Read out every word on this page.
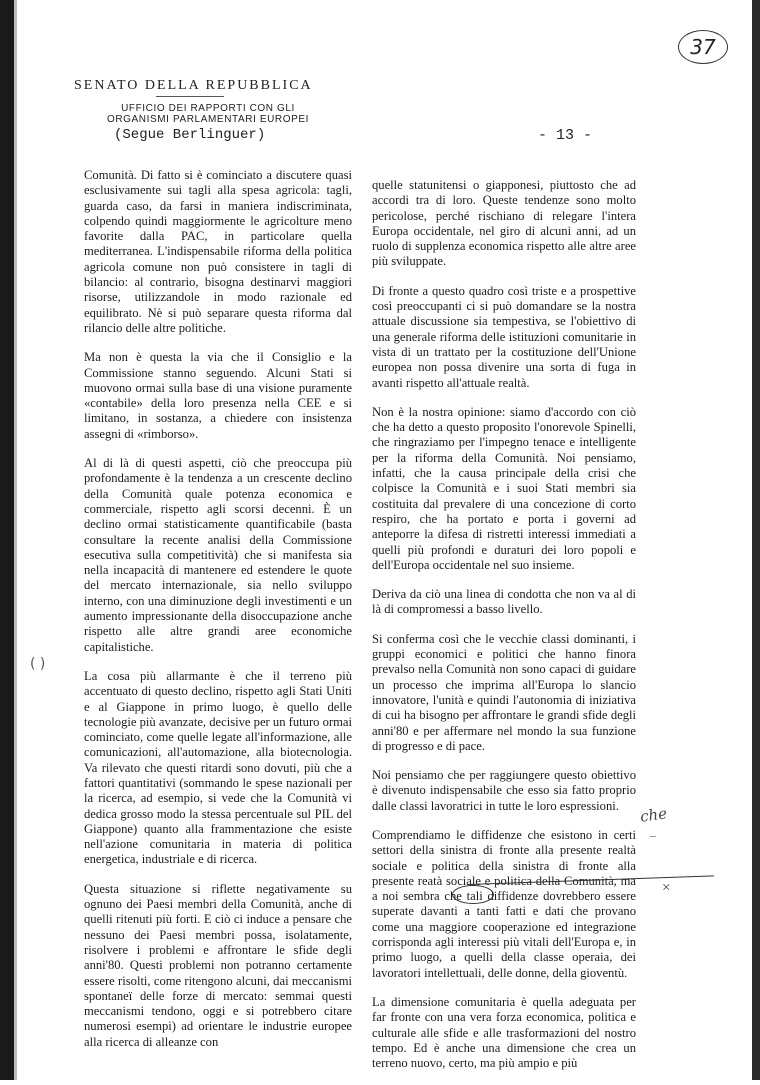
37
SENATO DELLA REPUBBLICA
UFFICIO DEI RAPPORTI CON GLI
ORGANISMI PARLAMENTARI EUROPEI
(Segue Berlinguer)	- 13 -

Comunità. Di fatto si è cominciato a discutere quasi esclusivamente sui tagli alla spesa agricola: tagli, guarda caso, da farsi in maniera indiscriminata, colpendo quindi maggiormente le agricolture meno favorite dalla PAC, in particolare quella mediterranea. L'indispensabile riforma della politica agricola comune non può consistere in tagli di bilancio: al contrario, bisogna destinarvi maggiori risorse, utilizzandole in modo razionale ed equilibrato. Nè si può separare questa riforma dal rilancio delle altre politiche.

Ma non è questa la via che il Consiglio e la Commissione stanno seguendo. Alcuni Stati si muovono ormai sulla base di una visione puramente «contabile» della loro presenza nella CEE e si limitano, in sostanza, a chiedere con insistenza assegni di «rimborso».

Al di là di questi aspetti, ciò che preoccupa più profondamente è la tendenza a un crescente declino della Comunità quale potenza economica e commerciale, rispetto agli scorsi decenni. È un declino ormai statisticamente quantificabile (basta consultare la recente analisi della Commissione esecutiva sulla competitività) che si manifesta sia nella incapacità di mantenere ed estendere le quote del mercato internazionale, sia nello sviluppo interno, con una diminuzione degli investimenti e un aumento impressionante della disoccupazione anche rispetto alle altre grandi aree economiche capitalistiche.

La cosa più allarmante è che il terreno più accentuato di questo declino, rispetto agli Stati Uniti e al Giappone in primo luogo, è quello delle tecnologie più avanzate, decisive per un futuro ormai cominciato, come quelle legate all'informazione, alle comunicazioni, all'automazione, alla biotecnologia. Va rilevato che questi ritardi sono dovuti, più che a fattori quantitativi (sommando le spese nazionali per la ricerca, ad esempio, si vede che la Comunità vi dedica grosso modo la stessa percentuale sul PIL del Giappone) quanto alla frammentazione che esiste nell'azione comunitaria in materia di politica energetica, industriale e di ricerca.

Questa situazione si riflette negativamente su ognuno dei Paesi membri della Comunità, anche di quelli ritenuti più forti. E ciò ci induce a pensare che nessuno dei Paesi membri possa, isolatamente, risolvere i problemi e affrontare le sfide degli anni'80. Questi problemi non potranno certamente essere risolti, come ritengono alcuni, dai meccanismi spontaneï delle forze di mercato: semmai questi meccanismi tendono, oggi e si potrebbero citare numerosi esempi) ad orientare le industrie europee alla ricerca di alleanze con

quelle statunitensi o giapponesi, piuttosto che ad accordi tra di loro. Queste tendenze sono molto pericolose, perché rischiano di relegare l'intera Europa occidentale, nel giro di alcuni anni, ad un ruolo di supplenza economica rispetto alle altre aree più sviluppate.

Di fronte a questo quadro così triste e a prospettive così preoccupanti ci si può domandare se la nostra attuale discussione sia tempestiva, se l'obiettivo di una generale riforma delle istituzioni comunitarie in vista di un trattato per la costituzione dell'Unione europea non possa divenire una sorta di fuga in avanti rispetto all'attuale realtà.

Non è la nostra opinione: siamo d'accordo con ciò che ha detto a questo proposito l'onorevole Spinelli, che ringraziamo per l'impegno tenace e intelligente per la riforma della Comunità. Noi pensiamo, infatti, che la causa principale della crisi che colpisce la Comunità e i suoi Stati membri sia costituita dal prevalere di una concezione di corto respiro, che ha portato e porta i governi ad anteporre la difesa di ristretti interessi immediati a quelli più profondi e duraturi dei loro popoli e dell'Europa occidentale nel suo insieme.

Deriva da ciò una linea di condotta che non va al di là di compromessi a basso livello.

Si conferma così che le vecchie classi dominanti, i gruppi economici e politici che hanno finora prevalso nella Comunità non sono capaci di guidare un processo che imprima all'Europa lo slancio innovatore, l'unità e quindi l'autonomia di iniziativa di cui ha bisogno per affrontare le grandi sfide degli anni'80 e per affermare nel mondo la sua funzione di progresso e di pace.

Noi pensiamo che per raggiungere questo obiettivo è divenuto indispensabile che esso sia fatto proprio dalle classi lavoratrici in tutte le loro espressioni.

Comprendiamo le diffidenze che esistono in certi settori della sinistra di fronte alla presente realtà sociale e politica della sinistra di fronte alla presente reatà sociale e politica della Comunità, ma a noi sembra che tali diffidenze dovrebbero essere superate davanti a tanti fatti e dati che provano come una maggiore cooperazione ed integrazione corrisponda agli interessi più vitali dell'Europa e, in primo luogo, a quelli della classe operaia, dei lavoratori intellettuali, delle donne, della gioventù.

La dimensione comunitaria è quella adeguata per far fronte con una vera forza economica, politica e culturale alle sfide e alle trasformazioni del nostro tempo. Ed è anche una dimensione che crea un terreno nuovo, certo, ma più ampio e più

( )
che
–
×
